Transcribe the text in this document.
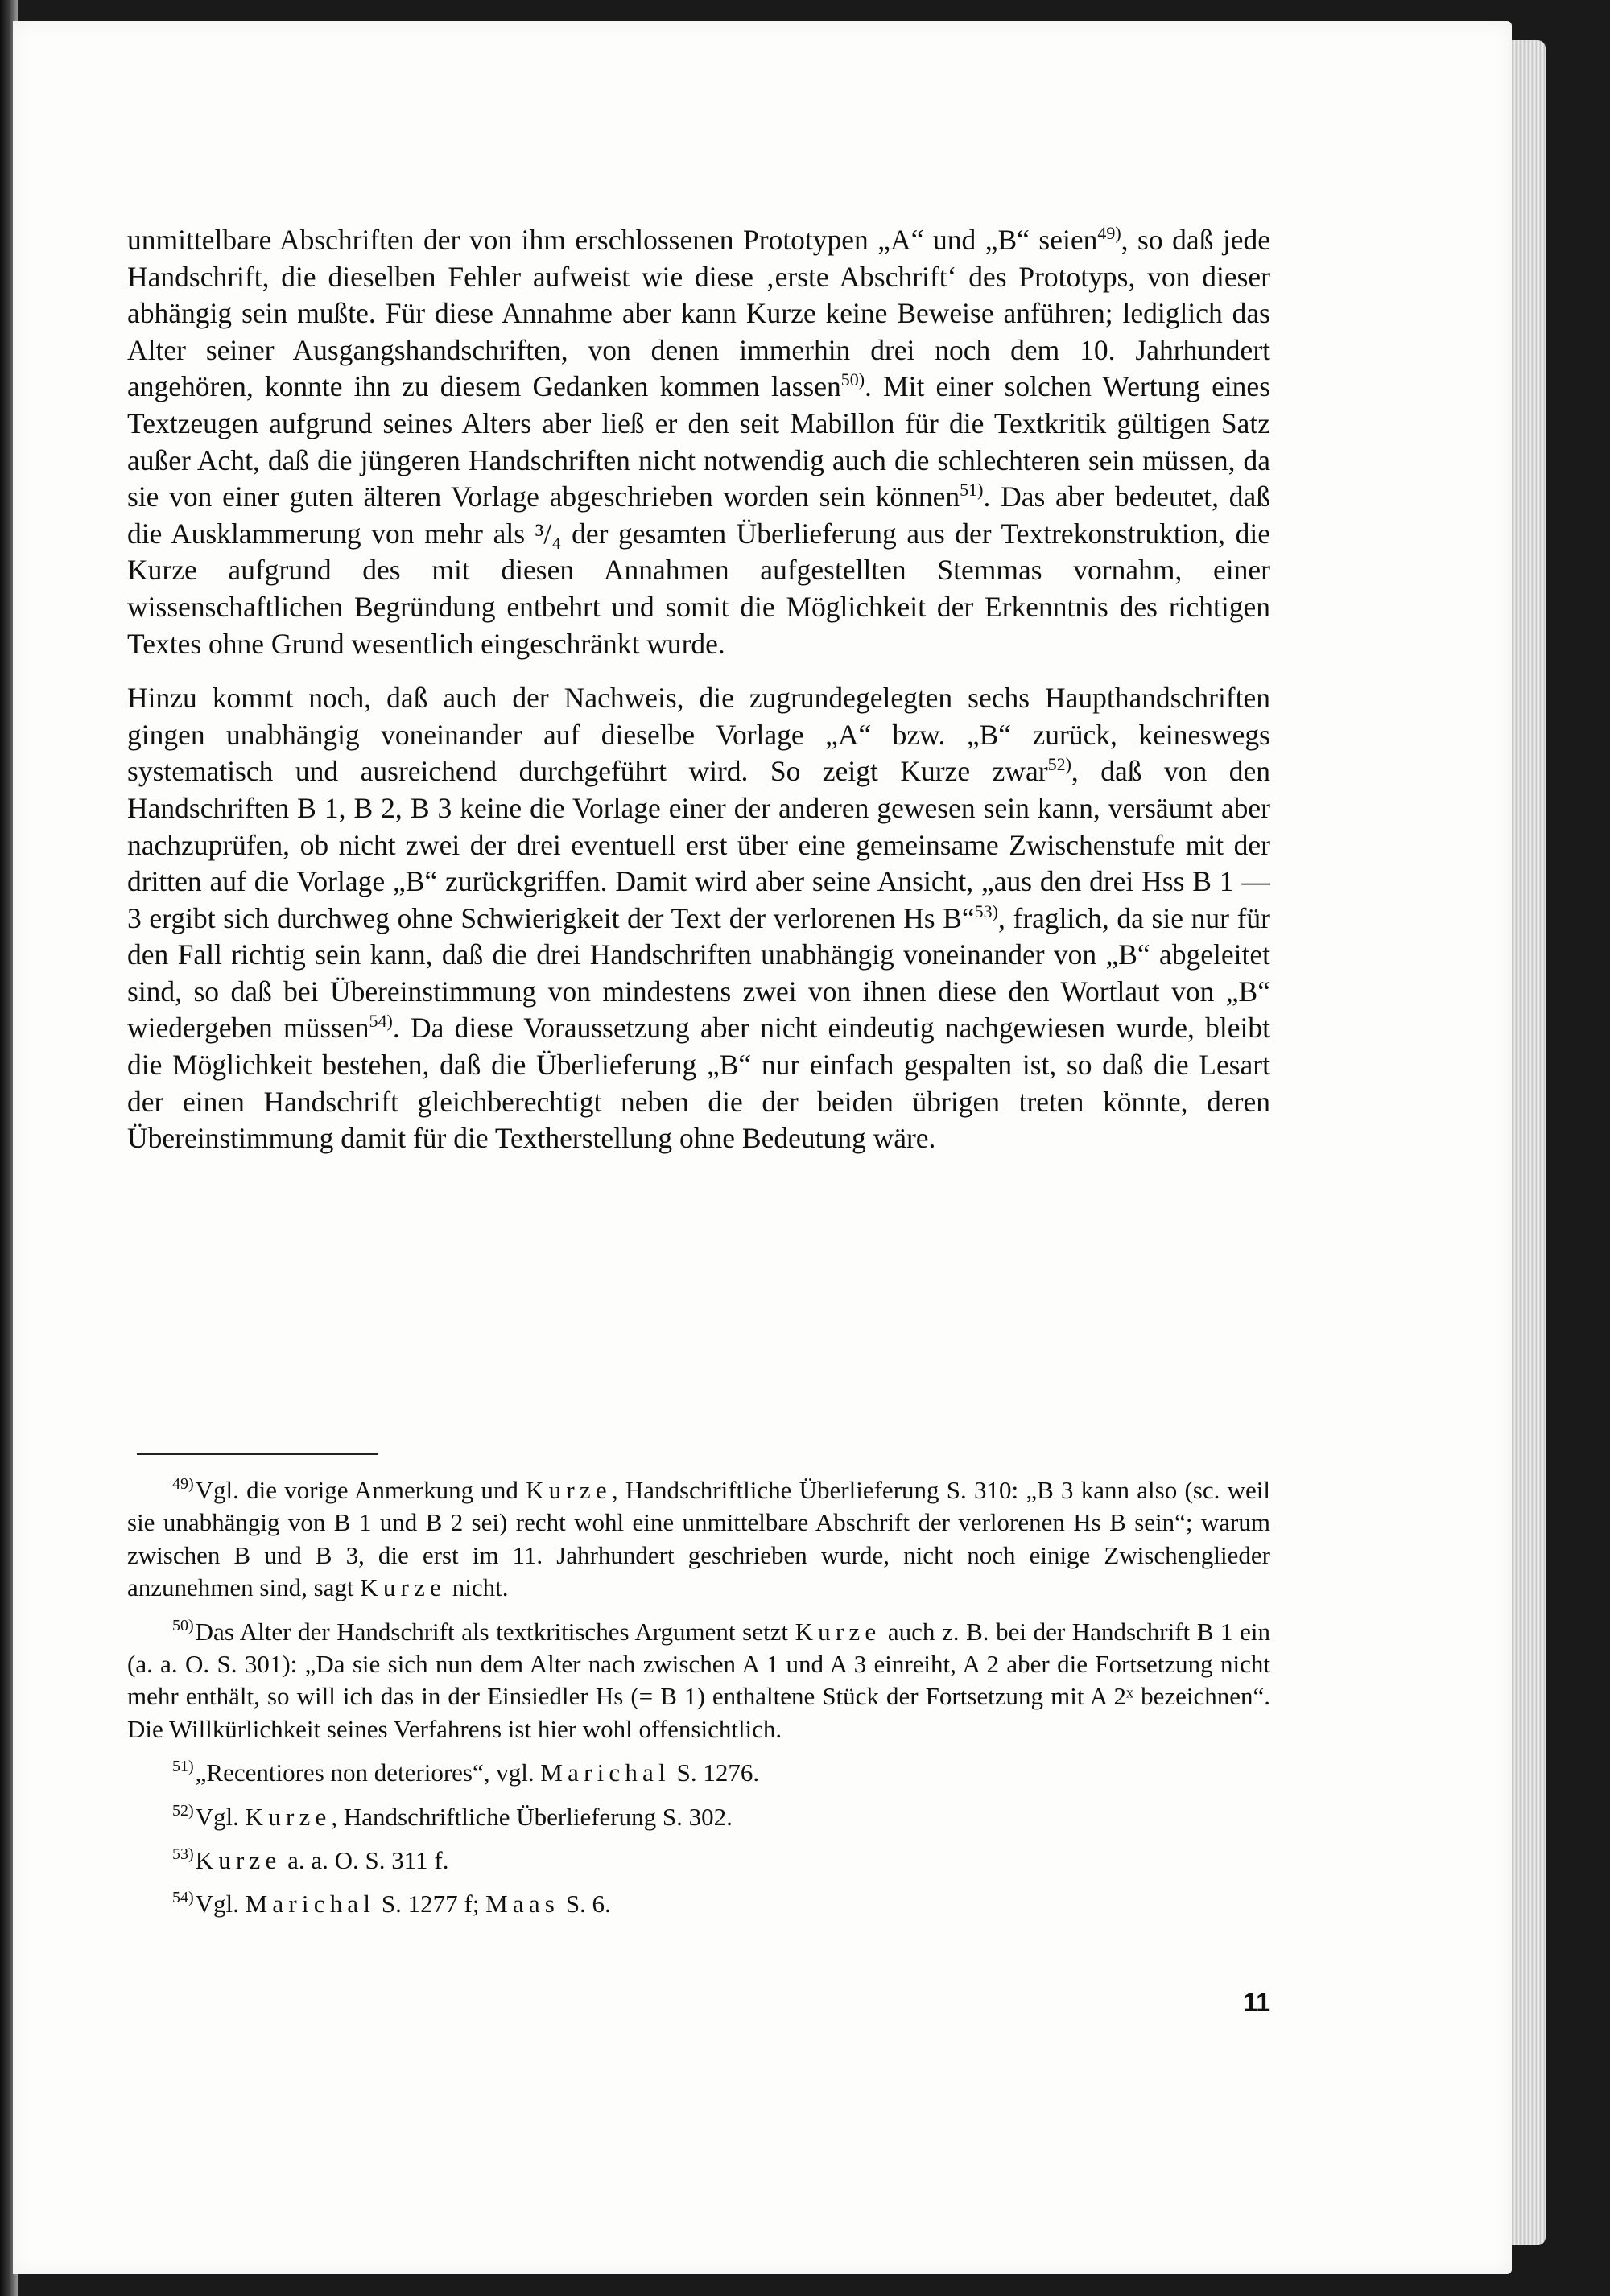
unmittelbare Abschriften der von ihm erschlossenen Prototypen „A“ und „B“ seien$^{49)}$, so daß jede Handschrift, die dieselben Fehler aufweist wie diese ‚erste Abschrift‘ des Prototyps, von dieser abhängig sein mußte. Für diese Annahme aber kann Kurze keine Beweise anführen; lediglich das Alter seiner Ausgangshandschriften, von denen immerhin drei noch dem 10. Jahrhundert angehören, konnte ihn zu diesem Gedanken kommen lassen$^{50)}$. Mit einer solchen Wertung eines Textzeugen aufgrund seines Alters aber ließ er den seit Mabillon für die Textkritik gültigen Satz außer Acht, daß die jüngeren Handschriften nicht notwendig auch die schlechteren sein müssen, da sie von einer guten älteren Vorlage abgeschrieben worden sein können$^{51)}$. Das aber bedeutet, daß die Ausklammerung von mehr als ³/₄ der gesamten Überlieferung aus der Textrekonstruktion, die Kurze aufgrund des mit diesen Annahmen aufgestellten Stemmas vornahm, einer wissenschaftlichen Begründung entbehrt und somit die Möglichkeit der Erkenntnis des richtigen Textes ohne Grund wesentlich eingeschränkt wurde.

Hinzu kommt noch, daß auch der Nachweis, die zugrundegelegten sechs Haupthandschriften gingen unabhängig voneinander auf dieselbe Vorlage „A“ bzw. „B“ zurück, keineswegs systematisch und ausreichend durchgeführt wird. So zeigt Kurze zwar$^{52)}$, daß von den Handschriften B 1, B 2, B 3 keine die Vorlage einer der anderen gewesen sein kann, versäumt aber nachzuprüfen, ob nicht zwei der drei eventuell erst über eine gemeinsame Zwischenstufe mit der dritten auf die Vorlage „B“ zurückgriffen. Damit wird aber seine Ansicht, „aus den drei Hss B 1 — 3 ergibt sich durchweg ohne Schwierigkeit der Text der verlorenen Hs B“$^{53)}$, fraglich, da sie nur für den Fall richtig sein kann, daß die drei Handschriften unabhängig voneinander von „B“ abgeleitet sind, so daß bei Übereinstimmung von mindestens zwei von ihnen diese den Wortlaut von „B“ wiedergeben müssen$^{54)}$. Da diese Voraussetzung aber nicht eindeutig nachgewiesen wurde, bleibt die Möglichkeit bestehen, daß die Überlieferung „B“ nur einfach gespalten ist, so daß die Lesart der einen Handschrift gleichberechtigt neben die der beiden übrigen treten könnte, deren Übereinstimmung damit für die Textherstellung ohne Bedeutung wäre.

$^{49)}$Vgl. die vorige Anmerkung und Kurze, Handschriftliche Überlieferung S. 310: „B 3 kann also (sc. weil sie unabhängig von B 1 und B 2 sei) recht wohl eine unmittelbare Abschrift der verlorenen Hs B sein“; warum zwischen B und B 3, die erst im 11. Jahrhundert geschrieben wurde, nicht noch einige Zwischenglieder anzunehmen sind, sagt Kurze nicht.

$^{50)}$Das Alter der Handschrift als textkritisches Argument setzt Kurze auch z. B. bei der Handschrift B 1 ein (a. a. O. S. 301): „Da sie sich nun dem Alter nach zwischen A 1 und A 3 einreiht, A 2 aber die Fortsetzung nicht mehr enthält, so will ich das in der Einsiedler Hs (= B 1) enthaltene Stück der Fortsetzung mit A 2ˣ bezeichnen“. Die Willkürlichkeit seines Verfahrens ist hier wohl offensichtlich.

$^{51)}$„Recentiores non deteriores“, vgl. Marichal S. 1276.

$^{52)}$Vgl. Kurze, Handschriftliche Überlieferung S. 302.

$^{53)}$Kurze a. a. O. S. 311 f.

$^{54)}$Vgl. Marichal S. 1277 f; Maas S. 6.

11
